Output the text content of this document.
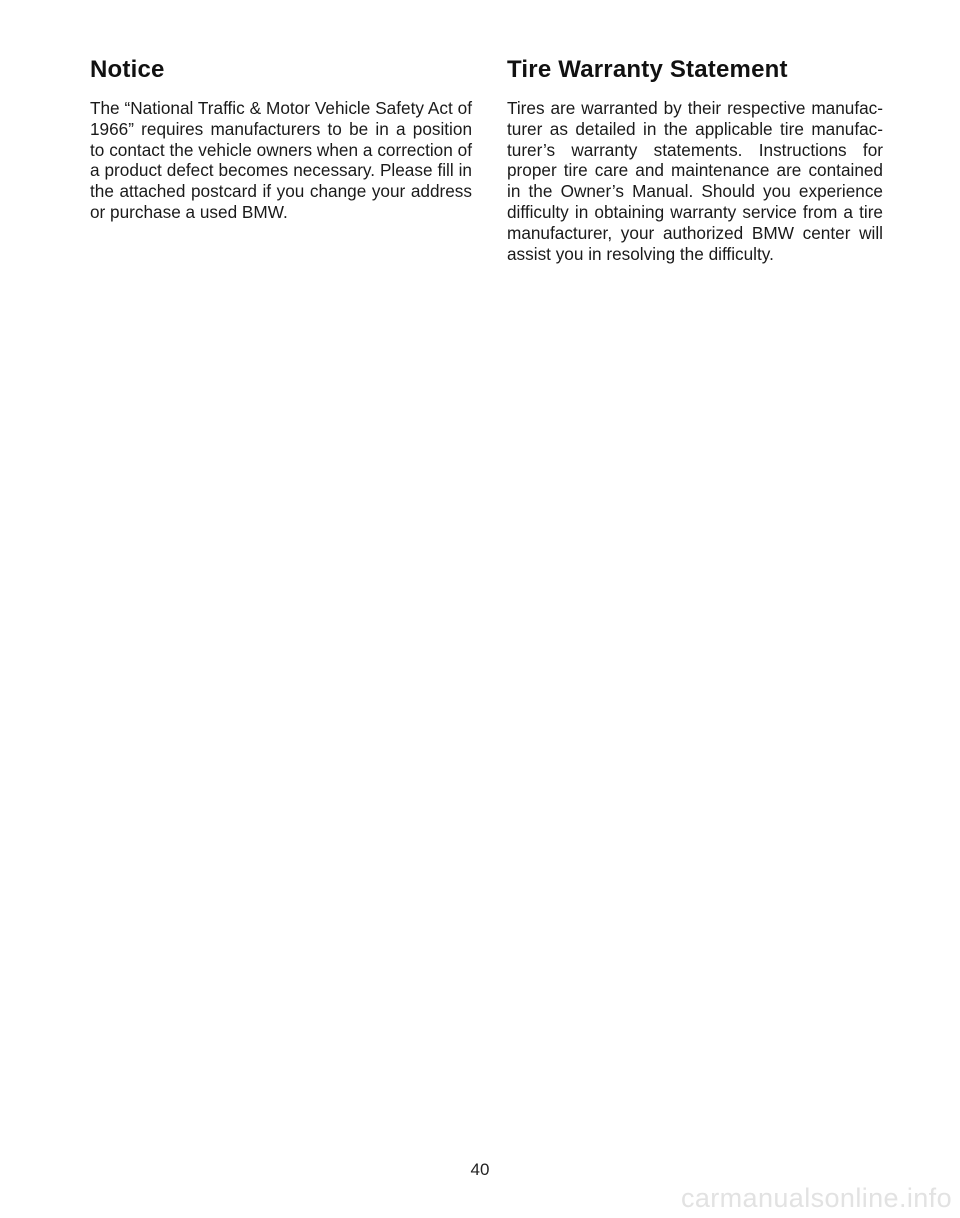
Notice

The “National Traffic & Motor Vehicle Safety Act of 1966” requires manufacturers to be in a position to contact the vehicle owners when a correction of a product defect becomes necessary. Please fill in the attached postcard if you change your address or purchase a used BMW.

Tire Warranty Statement

Tires are warranted by their respective manufacturer as detailed in the applicable tire manufacturer’s warranty statements. Instructions for proper tire care and maintenance are contained in the Owner’s Manual. Should you experience difficulty in obtaining warranty service from a tire manufacturer, your authorized BMW center will assist you in resolving the difficulty.

40
carmanualsonline.info
